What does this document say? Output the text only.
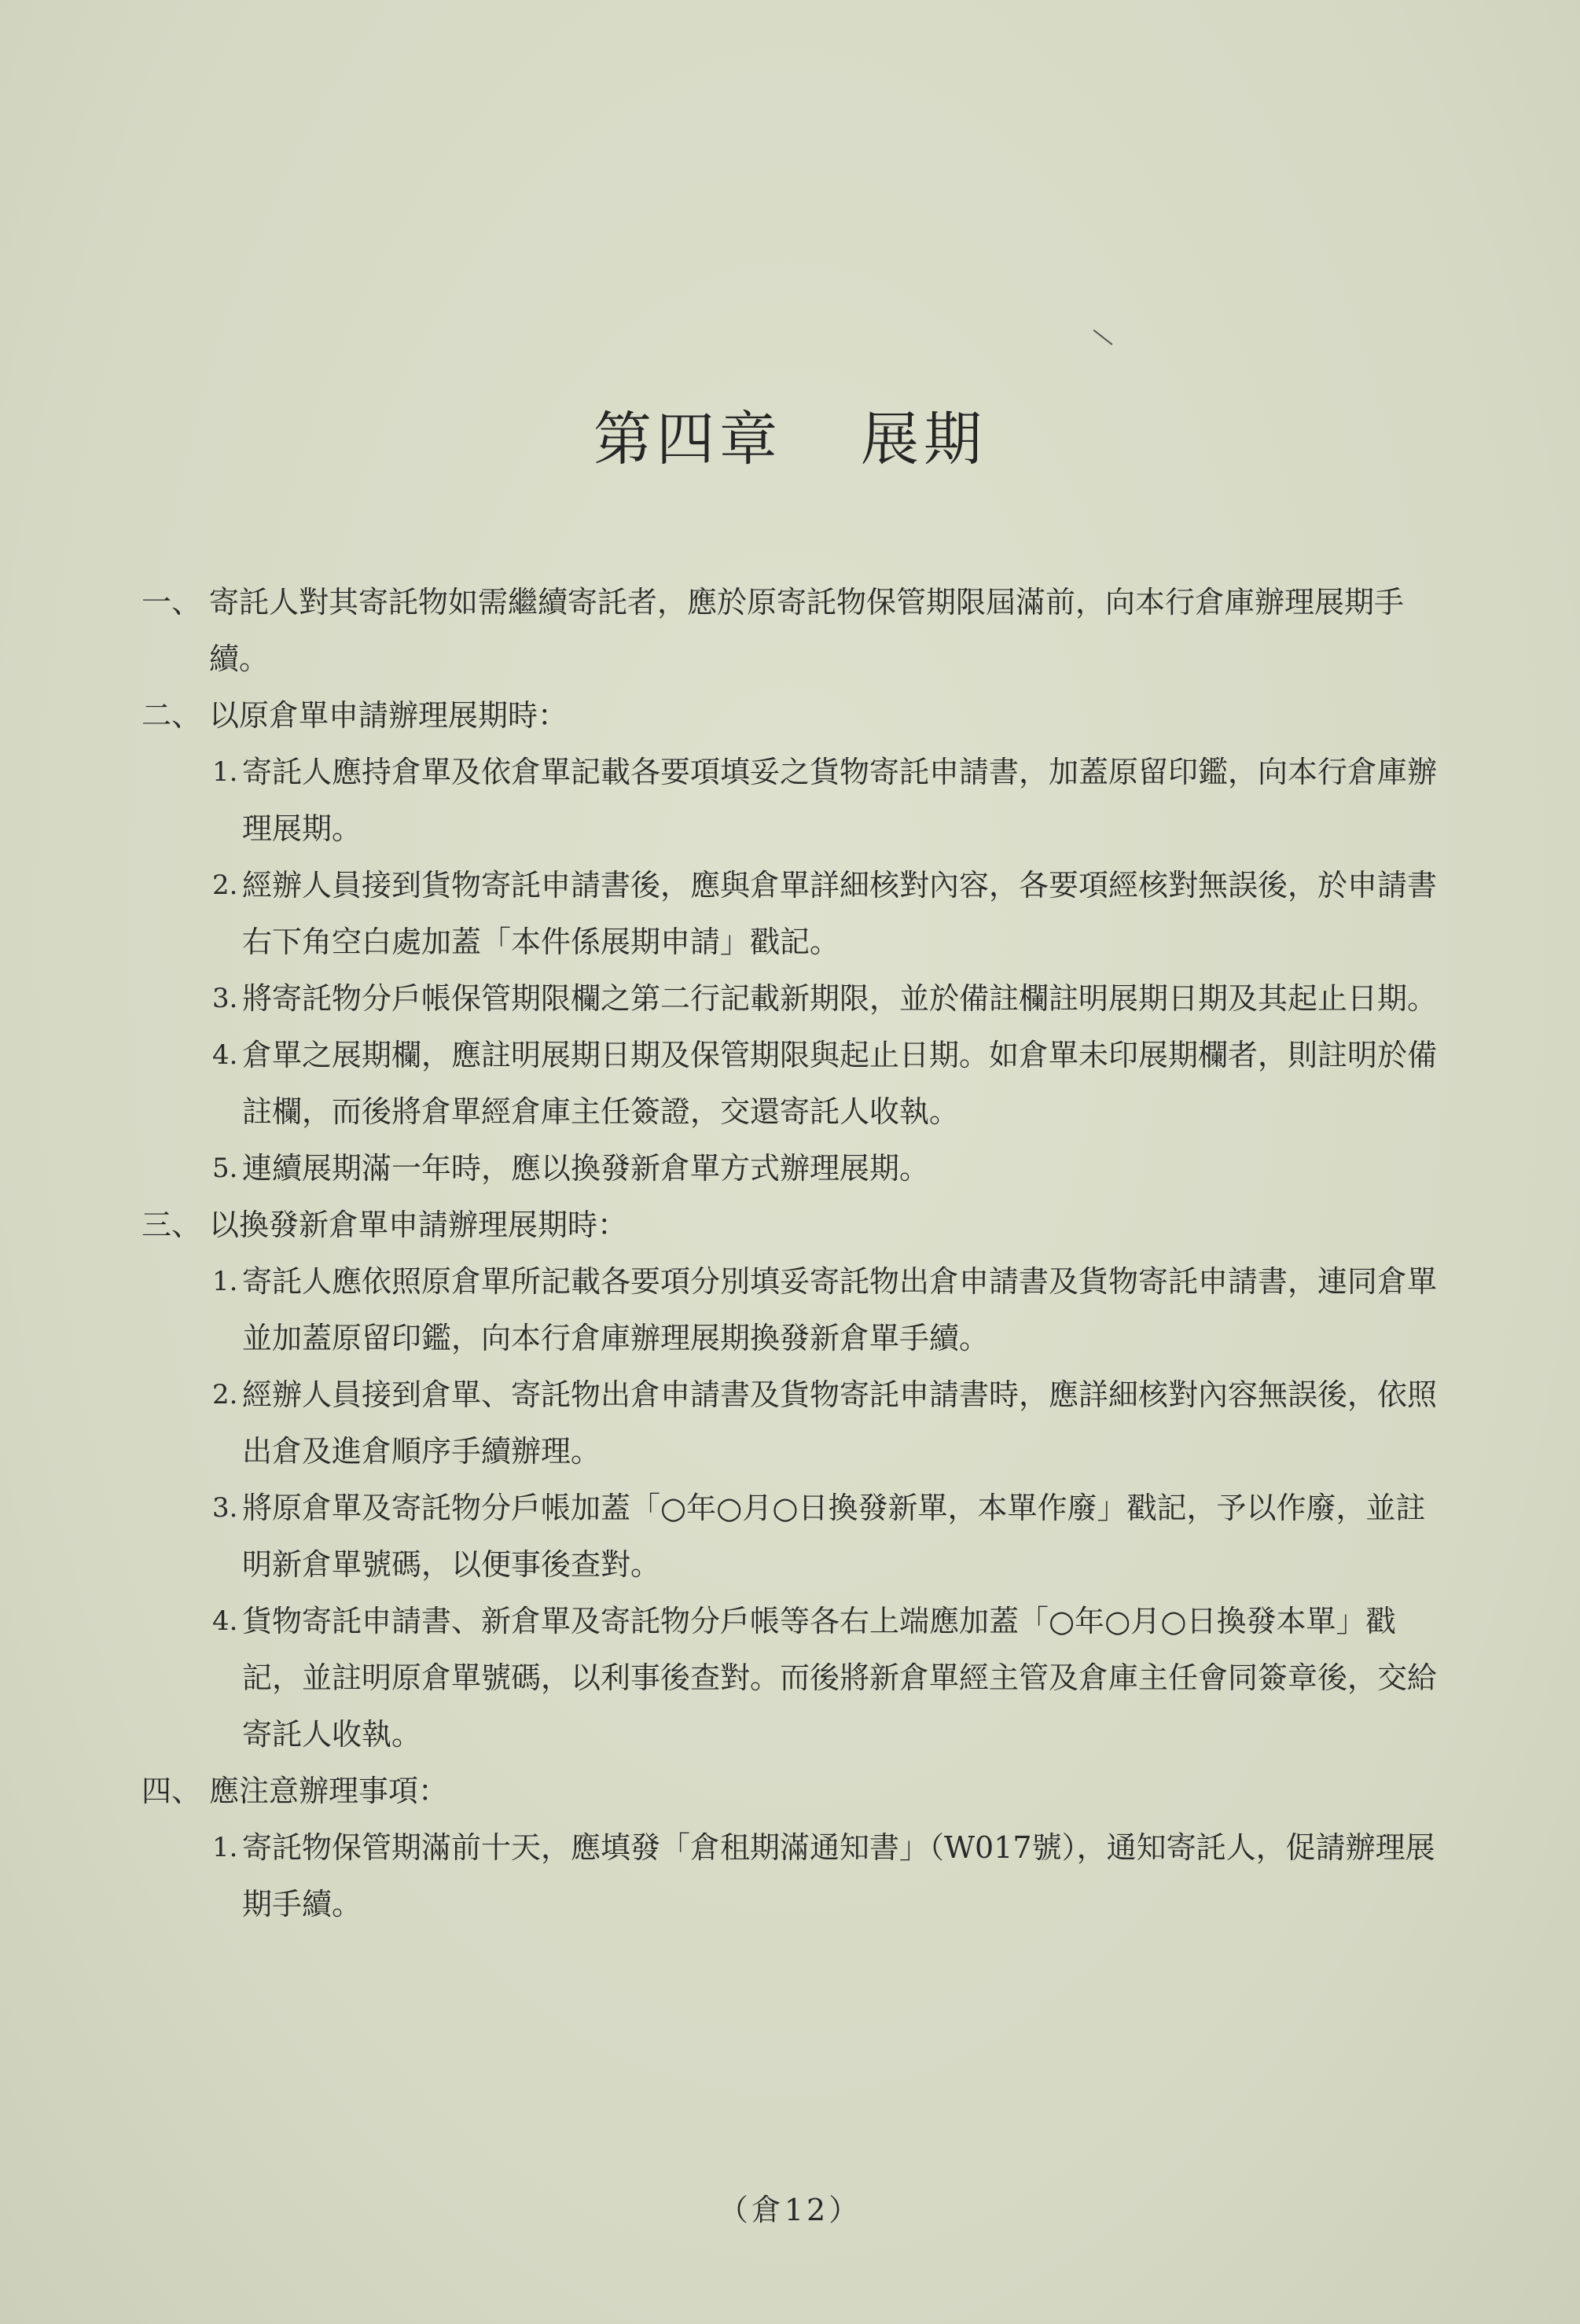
第四章 展期
一、 寄託人對其寄託物如需繼續寄託者，應於原寄託物保管期限屆滿前，向本行倉庫辦理展期手續。
二、 以原倉單申請辦理展期時：
1. 寄託人應持倉單及依倉單記載各要項填妥之貨物寄託申請書，加蓋原留印鑑，向本行倉庫辦理展期。
2. 經辦人員接到貨物寄託申請書後，應與倉單詳細核對內容，各要項經核對無誤後，於申請書右下角空白處加蓋「本件係展期申請」戳記。
3. 將寄託物分戶帳保管期限欄之第二行記載新期限，並於備註欄註明展期日期及其起止日期。
4. 倉單之展期欄，應註明展期日期及保管期限與起止日期。如倉單未印展期欄者，則註明於備註欄，而後將倉單經倉庫主任簽證，交還寄託人收執。
5. 連續展期滿一年時，應以換發新倉單方式辦理展期。
三、 以換發新倉單申請辦理展期時：
1. 寄託人應依照原倉單所記載各要項分別填妥寄託物出倉申請書及貨物寄託申請書，連同倉單並加蓋原留印鑑，向本行倉庫辦理展期換發新倉單手續。
2. 經辦人員接到倉單、寄託物出倉申請書及貨物寄託申請書時，應詳細核對內容無誤後，依照出倉及進倉順序手續辦理。
3. 將原倉單及寄託物分戶帳加蓋「○年○月○日換發新單，本單作廢」戳記，予以作廢，並註明新倉單號碼，以便事後查對。
4. 貨物寄託申請書、新倉單及寄託物分戶帳等各右上端應加蓋「○年○月○日換發本單」戳記，並註明原倉單號碼，以利事後查對。而後將新倉單經主管及倉庫主任會同簽章後，交給寄託人收執。
四、 應注意辦理事項：
1. 寄託物保管期滿前十天，應填發「倉租期滿通知書」（W017號），通知寄託人，促請辦理展期手續。
（倉12）
